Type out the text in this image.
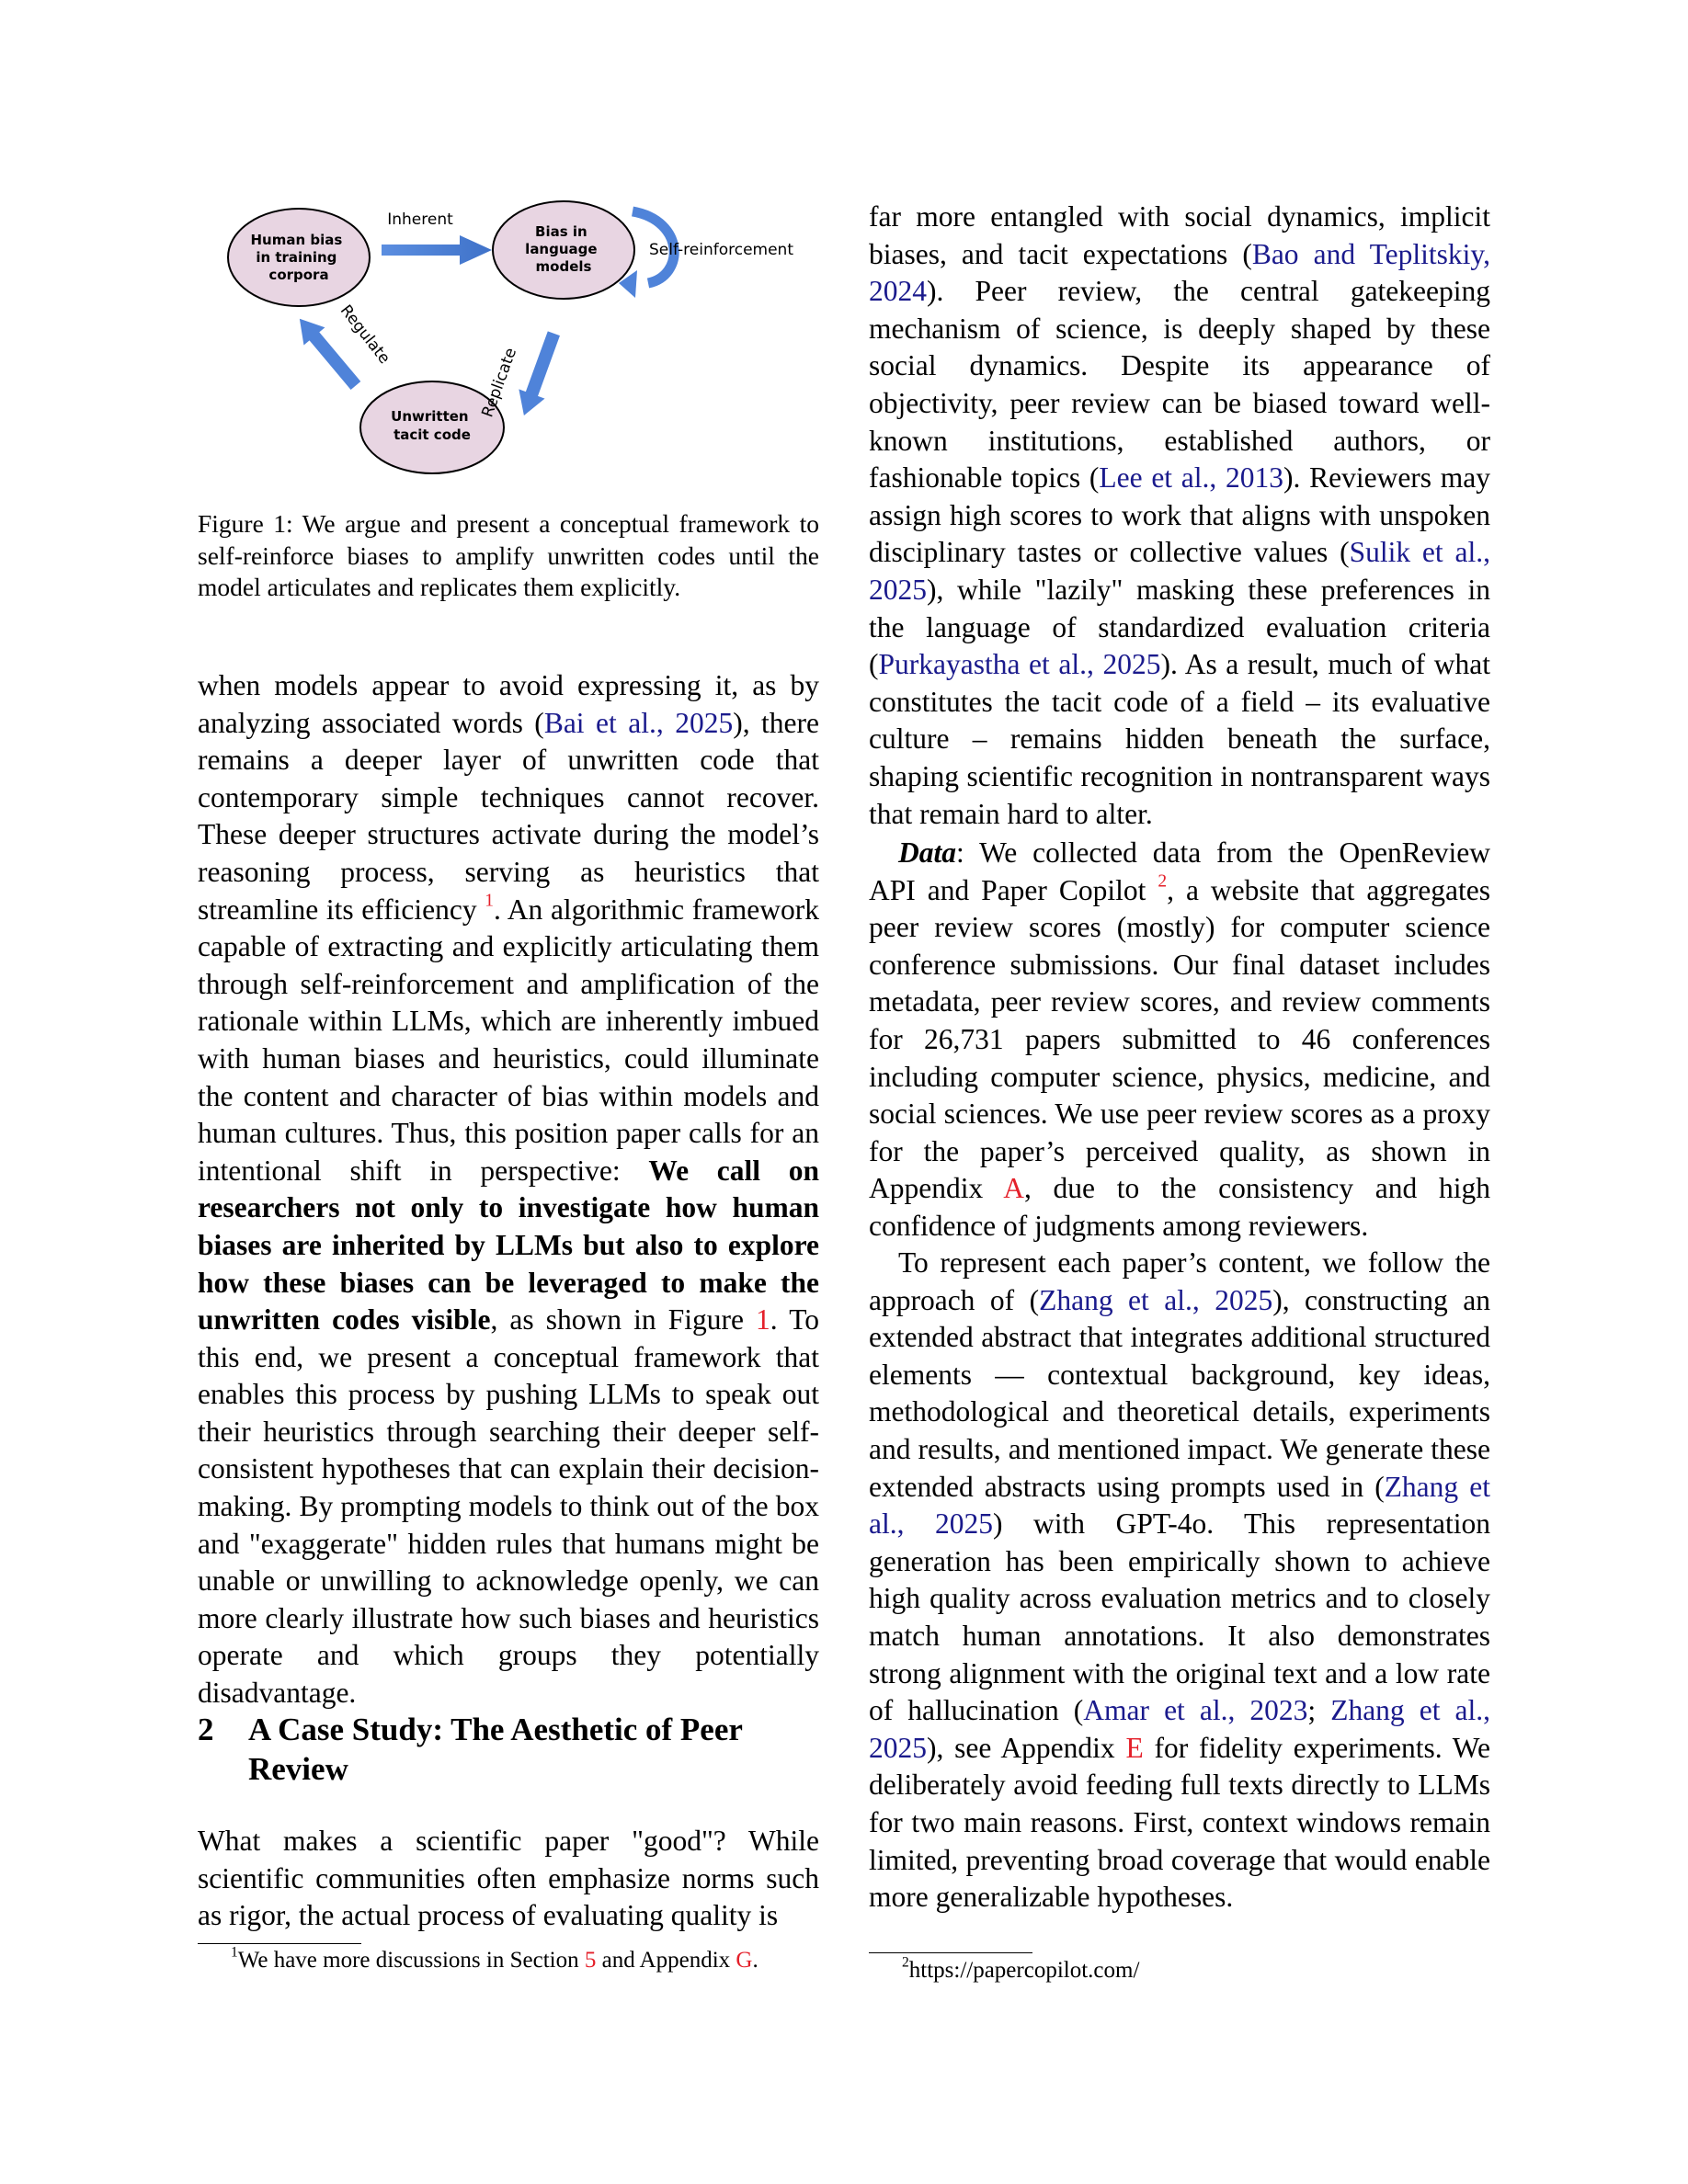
Human bias in training corpora
Bias in language models
Unwritten tacit code
Inherent
Self-reinforcement
Replicate
Regulate

Figure 1: We argue and present a conceptual framework to self-reinforce biases to amplify unwritten codes until the model articulates and replicates them explicitly.

when models appear to avoid expressing it, as by analyzing associated words (Bai et al., 2025), there remains a deeper layer of unwritten code that contemporary simple techniques cannot recover. These deeper structures activate during the model’s reasoning process, serving as heuristics that streamline its efficiency $^1$. An algorithmic framework capable of extracting and explicitly articulating them through self-reinforcement and amplification of the rationale within LLMs, which are inherently imbued with human biases and heuristics, could illuminate the content and character of bias within models and human cultures. Thus, this position paper calls for an intentional shift in perspective: We call on researchers not only to investigate how human biases are inherited by LLMs but also to explore how these biases can be leveraged to make the unwritten codes visible, as shown in Figure 1. To this end, we present a conceptual framework that enables this process by pushing LLMs to speak out their heuristics through searching their deeper self-consistent hypotheses that can explain their decision-making. By prompting models to think out of the box and "exaggerate" hidden rules that humans might be unable or unwilling to acknowledge openly, we can more clearly illustrate how such biases and heuristics operate and which groups they potentially disadvantage.

2 A Case Study: The Aesthetic of Peer Review

What makes a scientific paper "good"? While scientific communities often emphasize norms such as rigor, the actual process of evaluating quality is

$^1$We have more discussions in Section 5 and Appendix G.

far more entangled with social dynamics, implicit biases, and tacit expectations (Bao and Teplitskiy, 2024). Peer review, the central gatekeeping mechanism of science, is deeply shaped by these social dynamics. Despite its appearance of objectivity, peer review can be biased toward well-known institutions, established authors, or fashionable topics (Lee et al., 2013). Reviewers may assign high scores to work that aligns with unspoken disciplinary tastes or collective values (Sulik et al., 2025), while "lazily" masking these preferences in the language of standardized evaluation criteria (Purkayastha et al., 2025). As a result, much of what constitutes the tacit code of a field – its evaluative culture – remains hidden beneath the surface, shaping scientific recognition in nontransparent ways that remain hard to alter.

Data: We collected data from the OpenReview API and Paper Copilot $^2$, a website that aggregates peer review scores (mostly) for computer science conference submissions. Our final dataset includes metadata, peer review scores, and review comments for 26,731 papers submitted to 46 conferences including computer science, physics, medicine, and social sciences. We use peer review scores as a proxy for the paper’s perceived quality, as shown in Appendix A, due to the consistency and high confidence of judgments among reviewers.

To represent each paper’s content, we follow the approach of (Zhang et al., 2025), constructing an extended abstract that integrates additional structured elements — contextual background, key ideas, methodological and theoretical details, experiments and results, and mentioned impact. We generate these extended abstracts using prompts used in (Zhang et al., 2025) with GPT-4o. This representation generation has been empirically shown to achieve high quality across evaluation metrics and to closely match human annotations. It also demonstrates strong alignment with the original text and a low rate of hallucination (Amar et al., 2023; Zhang et al., 2025), see Appendix E for fidelity experiments. We deliberately avoid feeding full texts directly to LLMs for two main reasons. First, context windows remain limited, preventing broad coverage that would enable more generalizable hypotheses.

$^2$https://papercopilot.com/
